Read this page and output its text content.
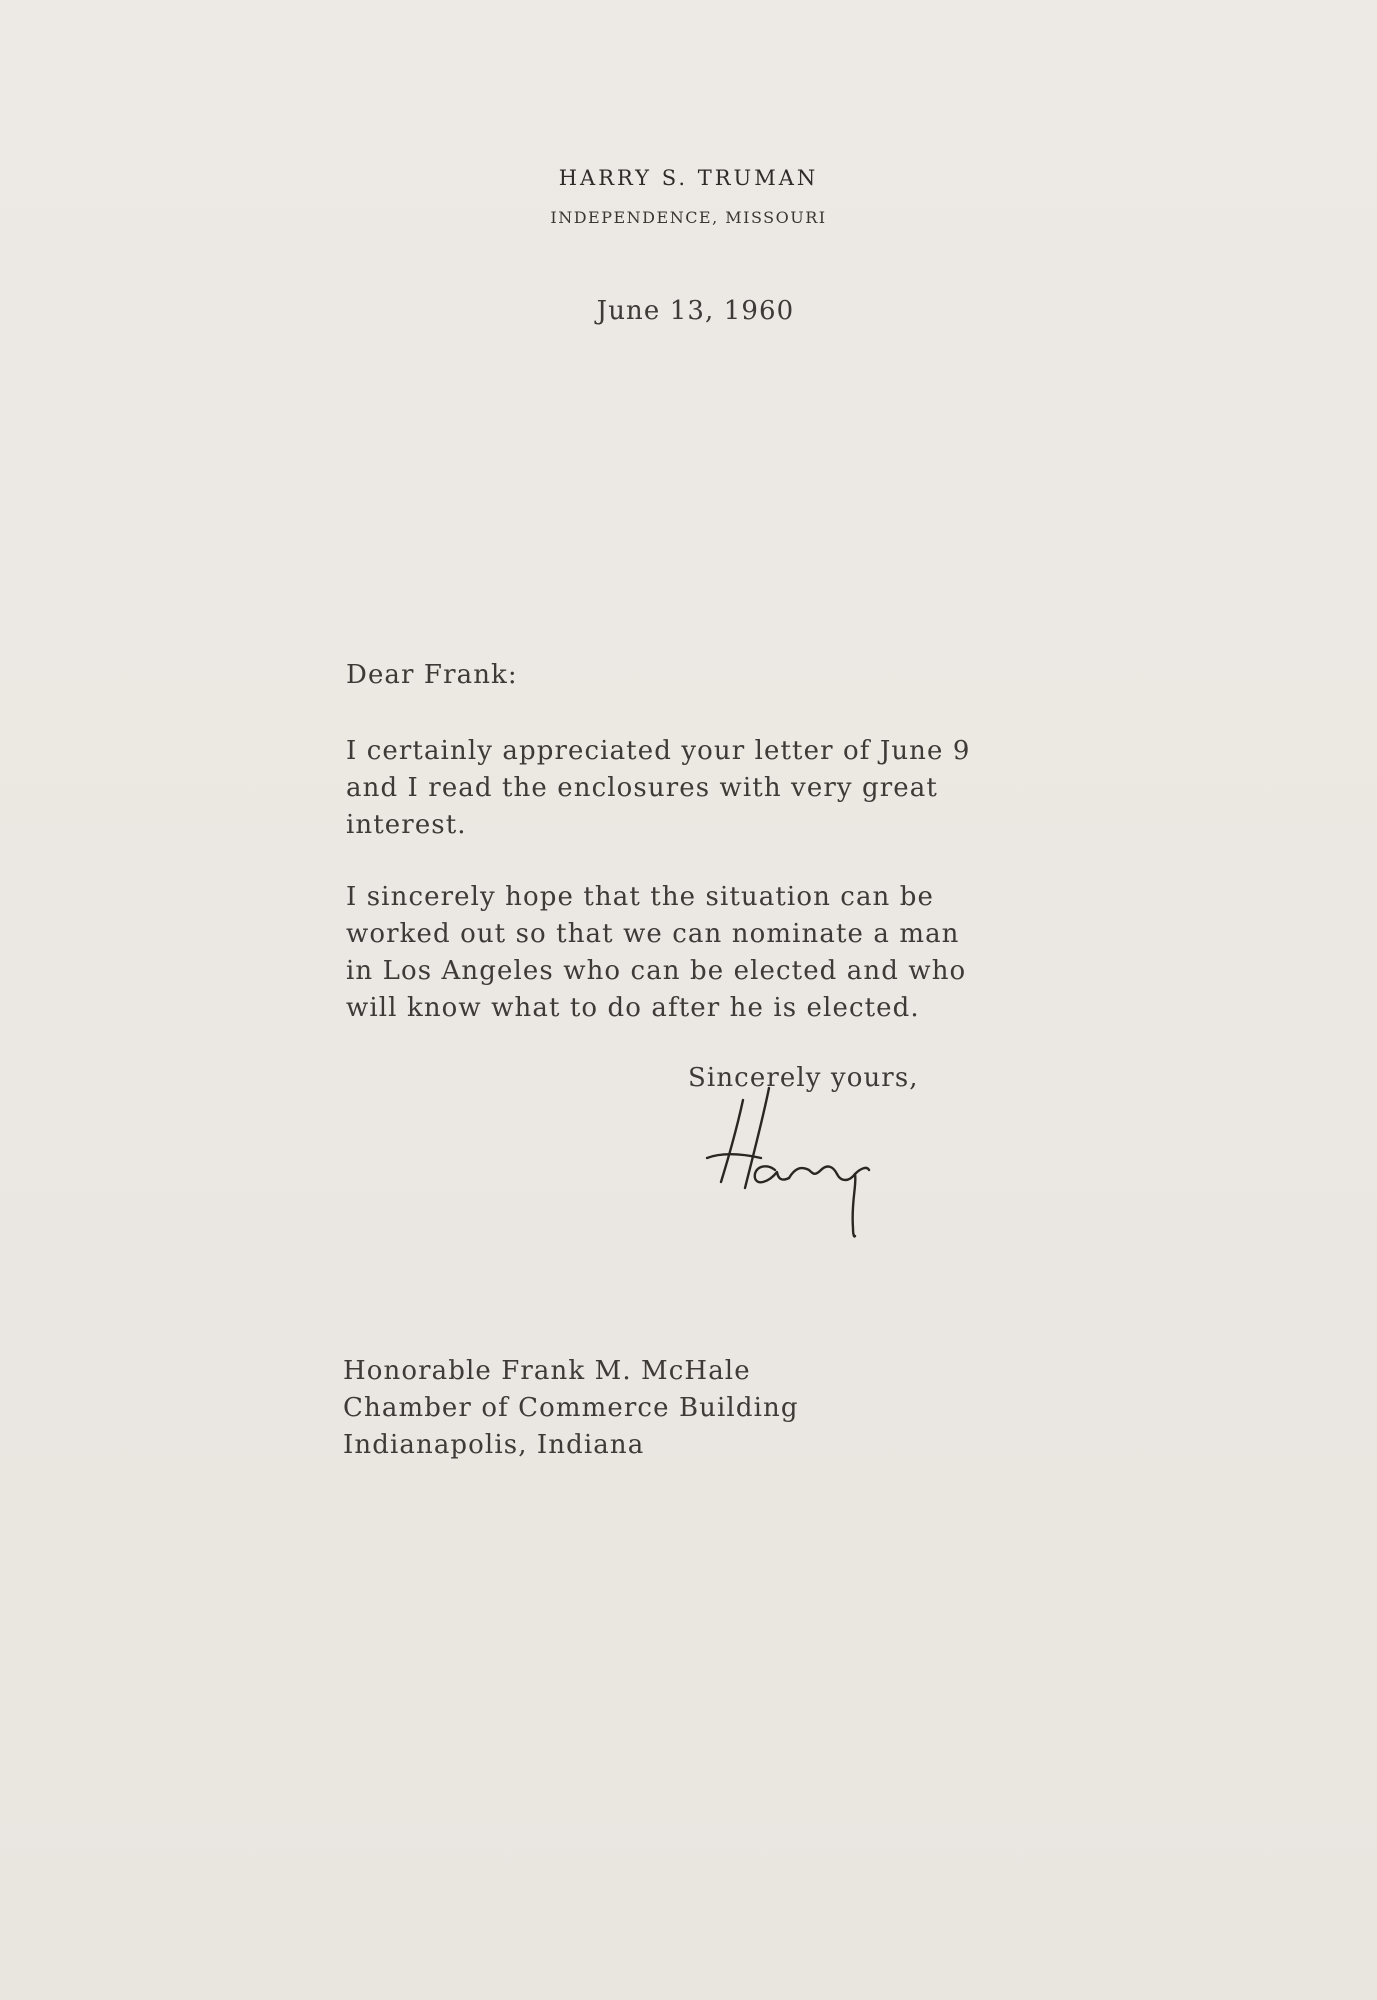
HARRY S. TRUMAN
INDEPENDENCE, MISSOURI
June 13, 1960
Dear Frank:
I certainly appreciated your letter of June 9
and I read the enclosures with very great
interest.
I sincerely hope that the situation can be
worked out so that we can nominate a man
in Los Angeles who can be elected and who
will know what to do after he is elected.
Sincerely yours,
Honorable Frank M. McHale
Chamber of Commerce Building
Indianapolis, Indiana
